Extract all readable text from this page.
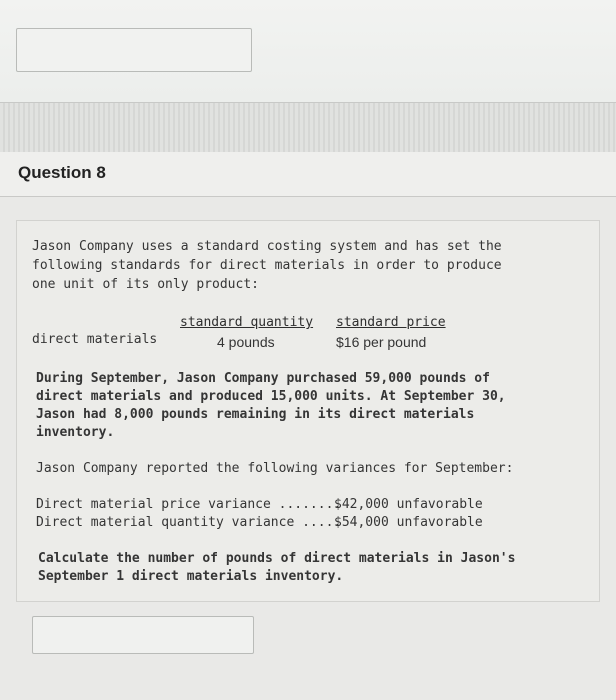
Question 8
Jason Company uses a standard costing system and has set the
following standards for direct materials in order to produce
one unit of its only product:
standard quantity standard price
direct materials	4 pounds	$16 per pound
During September, Jason Company purchased 59,000 pounds of
direct materials and produced 15,000 units. At September 30,
Jason had 8,000 pounds remaining in its direct materials
inventory.
Jason Company reported the following variances for September:
Direct material price variance ........
$42,000 unfavorable
Direct material quantity variance .....
$54,000 unfavorable
Calculate the number of pounds of direct materials in Jason's
September 1 direct materials inventory.
